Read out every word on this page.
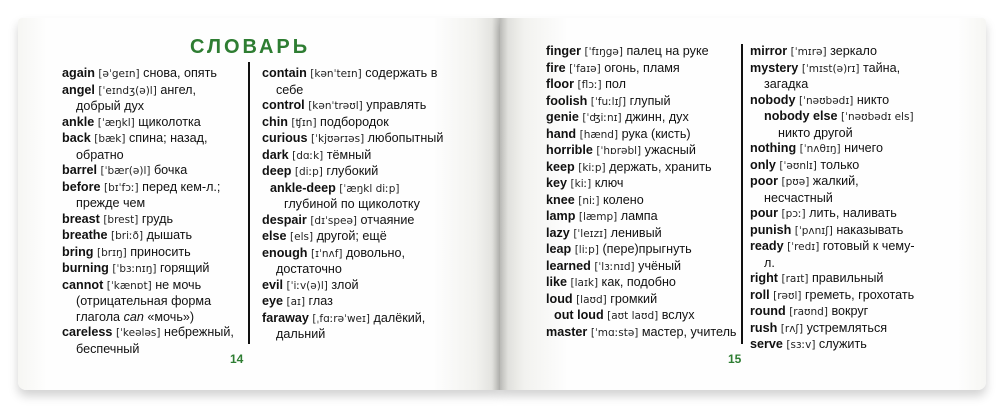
СЛОВАРЬ

again [əˈgeɪn] снова, опять

angel [ˈeɪndʒ(ə)l] ангел, добрый дух

ankle [ˈæŋkl] щиколотка

back [bæk] спина; назад, обратно

barrel [ˈbær(ə)l] бочка

before [bɪˈfɔː] перед кем-л.; прежде чем

breast [brest] грудь

breathe [briːð] дышать

bring [brɪŋ] приносить

burning [ˈbɜːnɪŋ] горящий

cannot [ˈkænɒt] не мочь (отрицательная форма глагола can «мочь»)

careless [ˈkeələs] небрежный, беспечный

contain [kənˈteɪn] содержать в себе

control [kənˈtrəʊl] управлять

chin [ʧɪn] подбородок

curious [ˈkjʊərɪəs] любопытный

dark [dɑːk] тёмный

deep [diːp] глубокий

ankle-deep [ˈæŋkl diːp] глубиной по щиколотку

despair [dɪˈspeə] отчаяние

else [els] другой; ещё

enough [ɪˈnʌf] довольно, достаточно

evil [ˈiːv(ə)l] злой

eye [aɪ] глаз

faraway [ˌfɑːrəˈweɪ] далёкий, дальний

14

finger [ˈfɪŋgə] палец на руке

fire [ˈfaɪə] огонь, пламя

floor [flɔː] пол

foolish [ˈfuːlɪʃ] глупый

genie [ˈʤiːnɪ] джинн, дух

hand [hænd] рука (кисть)

horrible [ˈhɒrəbl] ужасный

keep [kiːp] держать, хранить

key [kiː] ключ

knee [niː] колено

lamp [læmp] лампа

lazy [ˈleɪzɪ] ленивый

leap [liːp] (пере)прыгнуть

learned [ˈlɜːnɪd] учёный

like [laɪk] как, подобно

loud [laʊd] громкий

out loud [aʊt laʊd] вслух

master [ˈmɑːstə] мастер, учитель

mirror [ˈmɪrə] зеркало

mystery [ˈmɪst(ə)rɪ] тайна, загадка

nobody [ˈnəʊbədɪ] никто

nobody else [ˈnəʊbədɪ els] никто другой

nothing [ˈnʌθɪŋ] ничего

only [ˈəʊnlɪ] только

poor [pʊə] жалкий, несчастный

pour [pɔː] лить, наливать

punish [ˈpʌnɪʃ] наказывать

ready [ˈredɪ] готовый к чему-л.

right [raɪt] правильный

roll [rəʊl] греметь, грохотать

round [raʊnd] вокруг

rush [rʌʃ] устремляться

serve [sɜːv] служить

15
